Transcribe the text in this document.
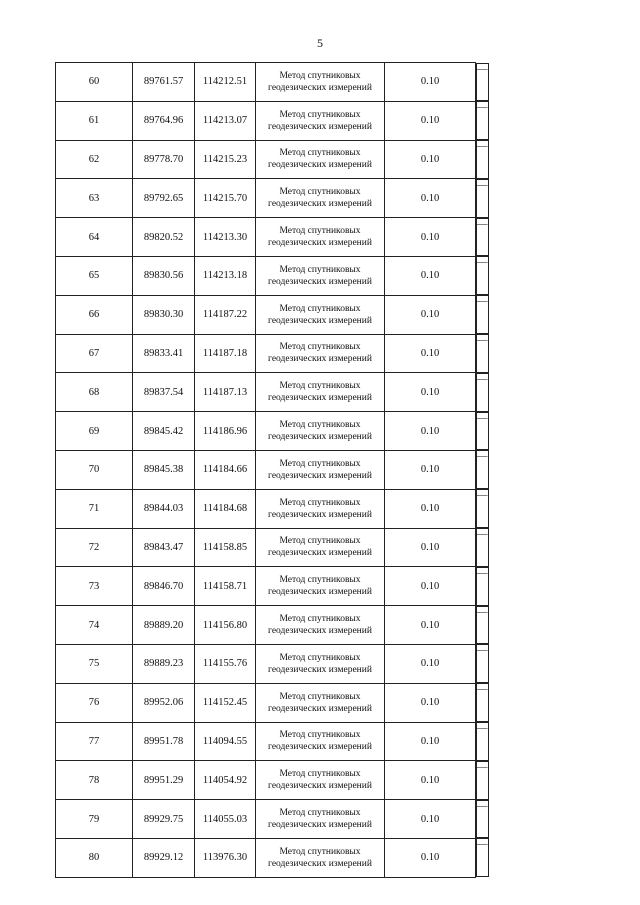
5
60	89761.57	114212.51	Метод спутниковых
геодезических измерений	0.10	—
61	89764.96	114213.07	Метод спутниковых
геодезических измерений	0.10	—
62	89778.70	114215.23	Метод спутниковых
геодезических измерений	0.10	—
63	89792.65	114215.70	Метод спутниковых
геодезических измерений	0.10	—
64	89820.52	114213.30	Метод спутниковых
геодезических измерений	0.10	—
65	89830.56	114213.18	Метод спутниковых
геодезических измерений	0.10	—
66	89830.30	114187.22	Метод спутниковых
геодезических измерений	0.10	—
67	89833.41	114187.18	Метод спутниковых
геодезических измерений	0.10	—
68	89837.54	114187.13	Метод спутниковых
геодезических измерений	0.10	—
69	89845.42	114186.96	Метод спутниковых
геодезических измерений	0.10	—
70	89845.38	114184.66	Метод спутниковых
геодезических измерений	0.10	—
71	89844.03	114184.68	Метод спутниковых
геодезических измерений	0.10	—
72	89843.47	114158.85	Метод спутниковых
геодезических измерений	0.10	—
73	89846.70	114158.71	Метод спутниковых
геодезических измерений	0.10	—
74	89889.20	114156.80	Метод спутниковых
геодезических измерений	0.10	—
75	89889.23	114155.76	Метод спутниковых
геодезических измерений	0.10	—
76	89952.06	114152.45	Метод спутниковых
геодезических измерений	0.10	—
77	89951.78	114094.55	Метод спутниковых
геодезических измерений	0.10	—
78	89951.29	114054.92	Метод спутниковых
геодезических измерений	0.10	—
79	89929.75	114055.03	Метод спутниковых
геодезических измерений	0.10	—
80	89929.12	113976.30	Метод спутниковых
геодезических измерений	0.10	—
